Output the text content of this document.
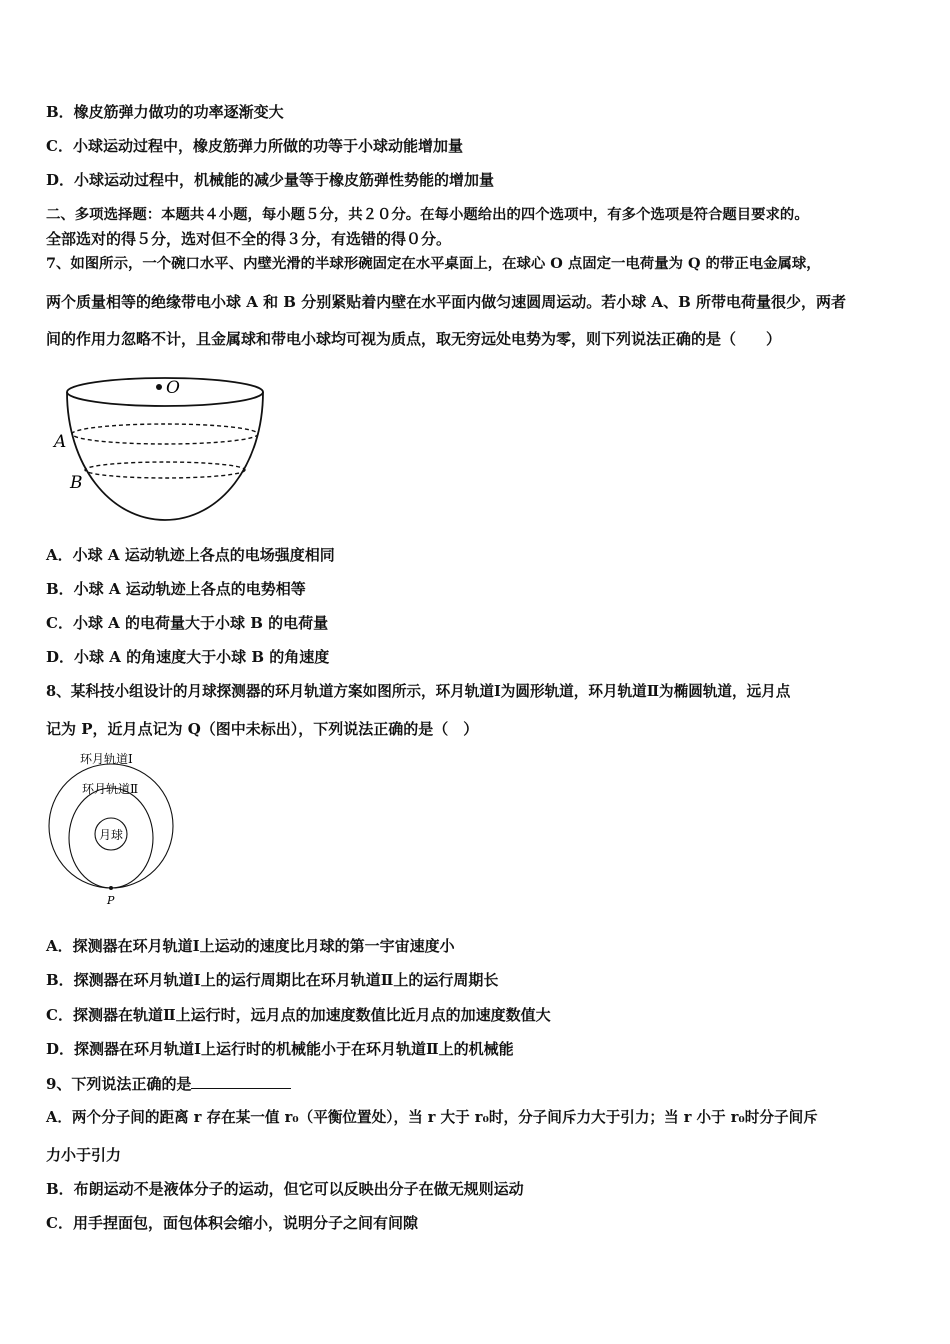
B．橡皮筋弹力做功的功率逐渐变大
C．小球运动过程中，橡皮筋弹力所做的功等于小球动能增加量
D．小球运动过程中，机械能的减少量等于橡皮筋弹性势能的增加量
二、多项选择题：本题共４小题，每小题５分，共２０分。在每小题给出的四个选项中，有多个选项是符合题目要求的。
全部选对的得５分，选对但不全的得３分，有选错的得０分。
7、如图所示，一个碗口水平、内壁光滑的半球形碗固定在水平桌面上，在球心 O 点固定一电荷量为 Q 的带正电金属球，
两个质量相等的绝缘带电小球 A 和 B 分别紧贴着内壁在水平面内做匀速圆周运动。若小球 A、B 所带电荷量很少，两者
间的作用力忽略不计，且金属球和带电小球均可视为质点，取无穷远处电势为零，则下列说法正确的是（　　）
O
A
B
A．小球 A 运动轨迹上各点的电场强度相同
B．小球 A 运动轨迹上各点的电势相等
C．小球 A 的电荷量大于小球 B 的电荷量
D．小球 A 的角速度大于小球 B 的角速度
8、某科技小组设计的月球探测器的环月轨道方案如图所示，环月轨道Ⅰ为圆形轨道，环月轨道Ⅱ为椭圆轨道，远月点
记为 P，近月点记为 Q（图中未标出），下列说法正确的是（　）
环月轨道Ⅰ
环月轨道Ⅱ
月球
P
A．探测器在环月轨道Ⅰ上运动的速度比月球的第一宇宙速度小
B．探测器在环月轨道Ⅰ上的运行周期比在环月轨道Ⅱ上的运行周期长
C．探测器在轨道Ⅱ上运行时，远月点的加速度数值比近月点的加速度数值大
D．探测器在环月轨道Ⅰ上运行时的机械能小于在环月轨道Ⅱ上的机械能
9、下列说法正确的是
A．两个分子间的距离 r 存在某一值 r₀（平衡位置处），当 r 大于 r₀时，分子间斥力大于引力；当 r 小于 r₀时分子间斥
力小于引力
B．布朗运动不是液体分子的运动，但它可以反映出分子在做无规则运动
C．用手捏面包，面包体积会缩小，说明分子之间有间隙
